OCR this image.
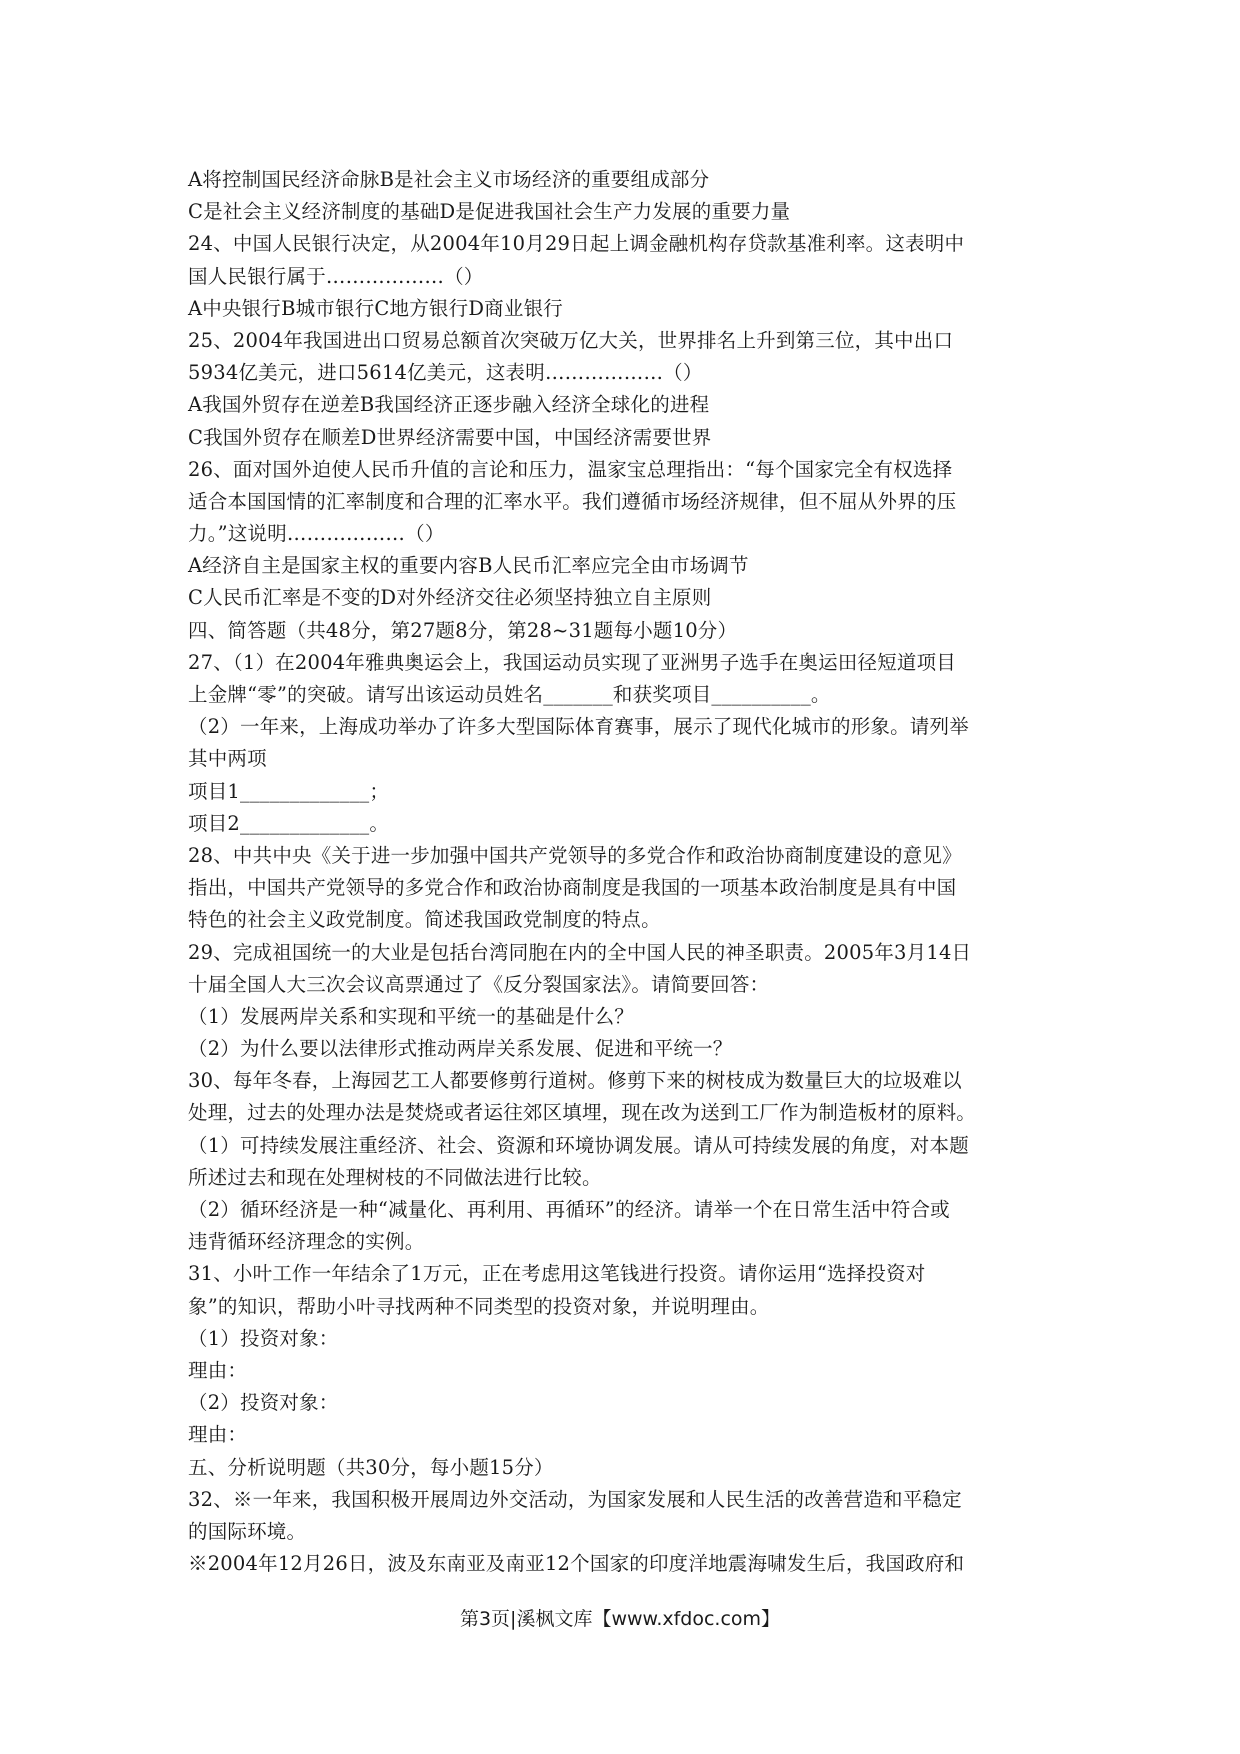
A将控制国民经济命脉B是社会主义市场经济的重要组成部分
C是社会主义经济制度的基础D是促进我国社会生产力发展的重要力量
24、中国人民银行决定，从2004年10月29日起上调金融机构存贷款基准利率。这表明中
国人民银行属于………………（）
A中央银行B城市银行C地方银行D商业银行
25、2004年我国进出口贸易总额首次突破万亿大关，世界排名上升到第三位，其中出口
5934亿美元，进口5614亿美元，这表明………………（）
A我国外贸存在逆差B我国经济正逐步融入经济全球化的进程
C我国外贸存在顺差D世界经济需要中国，中国经济需要世界
26、面对国外迫使人民币升值的言论和压力，温家宝总理指出：“每个国家完全有权选择
适合本国国情的汇率制度和合理的汇率水平。我们遵循市场经济规律，但不屈从外界的压
力。”这说明………………（）
A经济自主是国家主权的重要内容B人民币汇率应完全由市场调节
C人民币汇率是不变的D对外经济交往必须坚持独立自主原则
四、简答题（共48分，第27题8分，第28~31题每小题10分）
27、（1）在2004年雅典奥运会上，我国运动员实现了亚洲男子选手在奥运田径短道项目
上金牌“零”的突破。请写出该运动员姓名_______和获奖项目__________。
（2）一年来，上海成功举办了许多大型国际体育赛事，展示了现代化城市的形象。请列举
其中两项
项目1_____________；
项目2_____________。
28、中共中央《关于进一步加强中国共产党领导的多党合作和政治协商制度建设的意见》
指出，中国共产党领导的多党合作和政治协商制度是我国的一项基本政治制度是具有中国
特色的社会主义政党制度。简述我国政党制度的特点。
29、完成祖国统一的大业是包括台湾同胞在内的全中国人民的神圣职责。2005年3月14日
十届全国人大三次会议高票通过了《反分裂国家法》。请简要回答：
（1）发展两岸关系和实现和平统一的基础是什么？
（2）为什么要以法律形式推动两岸关系发展、促进和平统一？
30、每年冬春，上海园艺工人都要修剪行道树。修剪下来的树枝成为数量巨大的垃圾难以
处理，过去的处理办法是焚烧或者运往郊区填埋，现在改为送到工厂作为制造板材的原料。
（1）可持续发展注重经济、社会、资源和环境协调发展。请从可持续发展的角度，对本题
所述过去和现在处理树枝的不同做法进行比较。
（2）循环经济是一种“减量化、再利用、再循环”的经济。请举一个在日常生活中符合或
违背循环经济理念的实例。
31、小叶工作一年结余了1万元，正在考虑用这笔钱进行投资。请你运用“选择投资对
象”的知识，帮助小叶寻找两种不同类型的投资对象，并说明理由。
（1）投资对象：
理由：
（2）投资对象：
理由：
五、分析说明题（共30分，每小题15分）
32、※一年来，我国积极开展周边外交活动，为国家发展和人民生活的改善营造和平稳定
的国际环境。
※2004年12月26日，波及东南亚及南亚12个国家的印度洋地震海啸发生后，我国政府和
第3页|溪枫文库【www.xfdoc.com】
